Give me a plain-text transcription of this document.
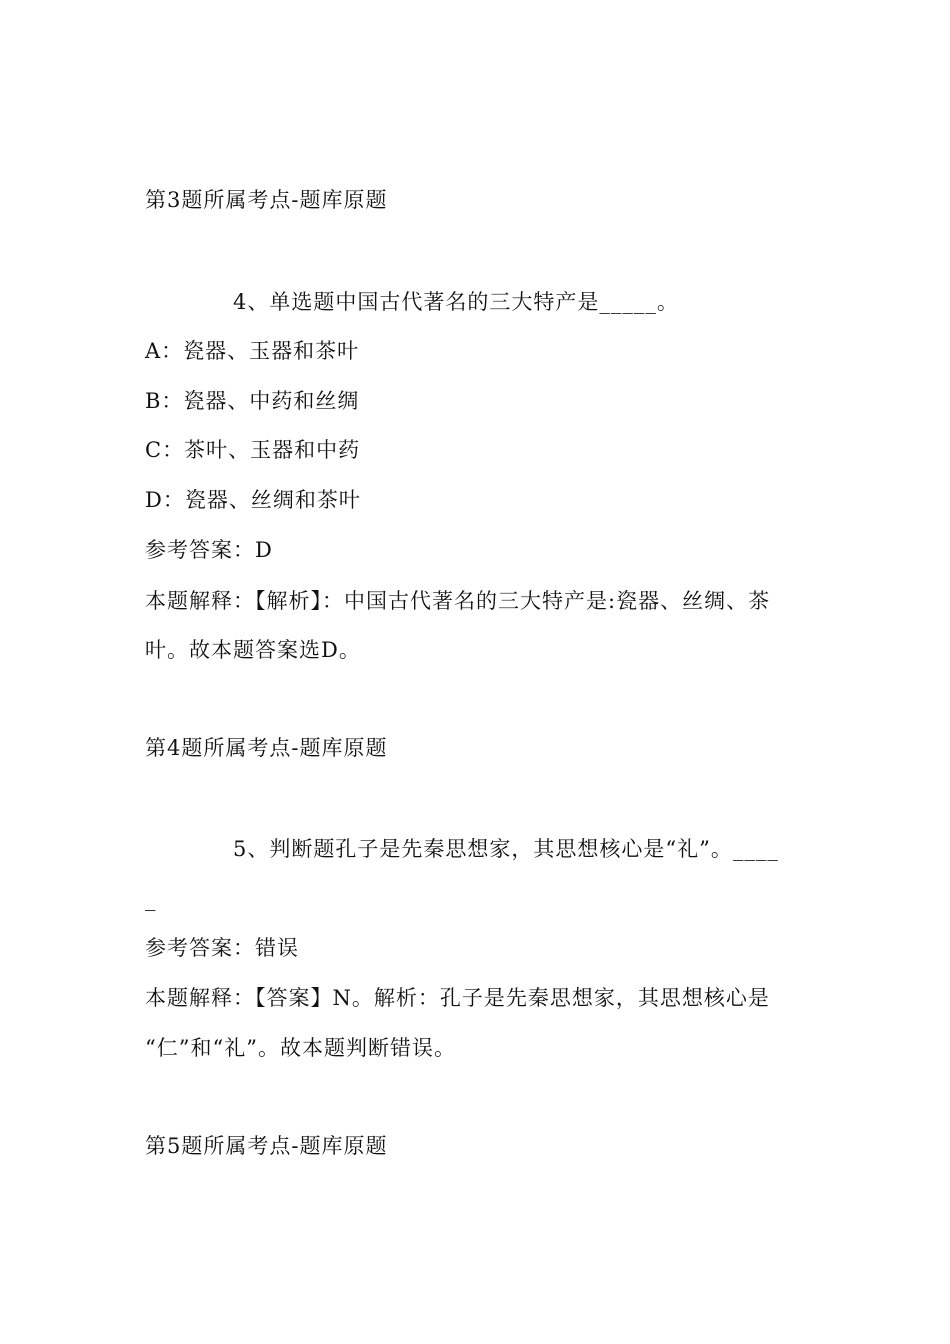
第3题所属考点-题库原题
4、单选题中国古代著名的三大特产是_____。
A：瓷器、玉器和茶叶
B：瓷器、中药和丝绸
C：茶叶、玉器和中药
D：瓷器、丝绸和茶叶
参考答案：D
本题解释：【解析】：中国古代著名的三大特产是:瓷器、丝绸、茶
叶。故本题答案选D。
第4题所属考点-题库原题
5、判断题孔子是先秦思想家，其思想核心是“礼”。____
_
参考答案：错误
本题解释：【答案】N。解析：孔子是先秦思想家，其思想核心是
“仁”和“礼”。故本题判断错误。
第5题所属考点-题库原题
